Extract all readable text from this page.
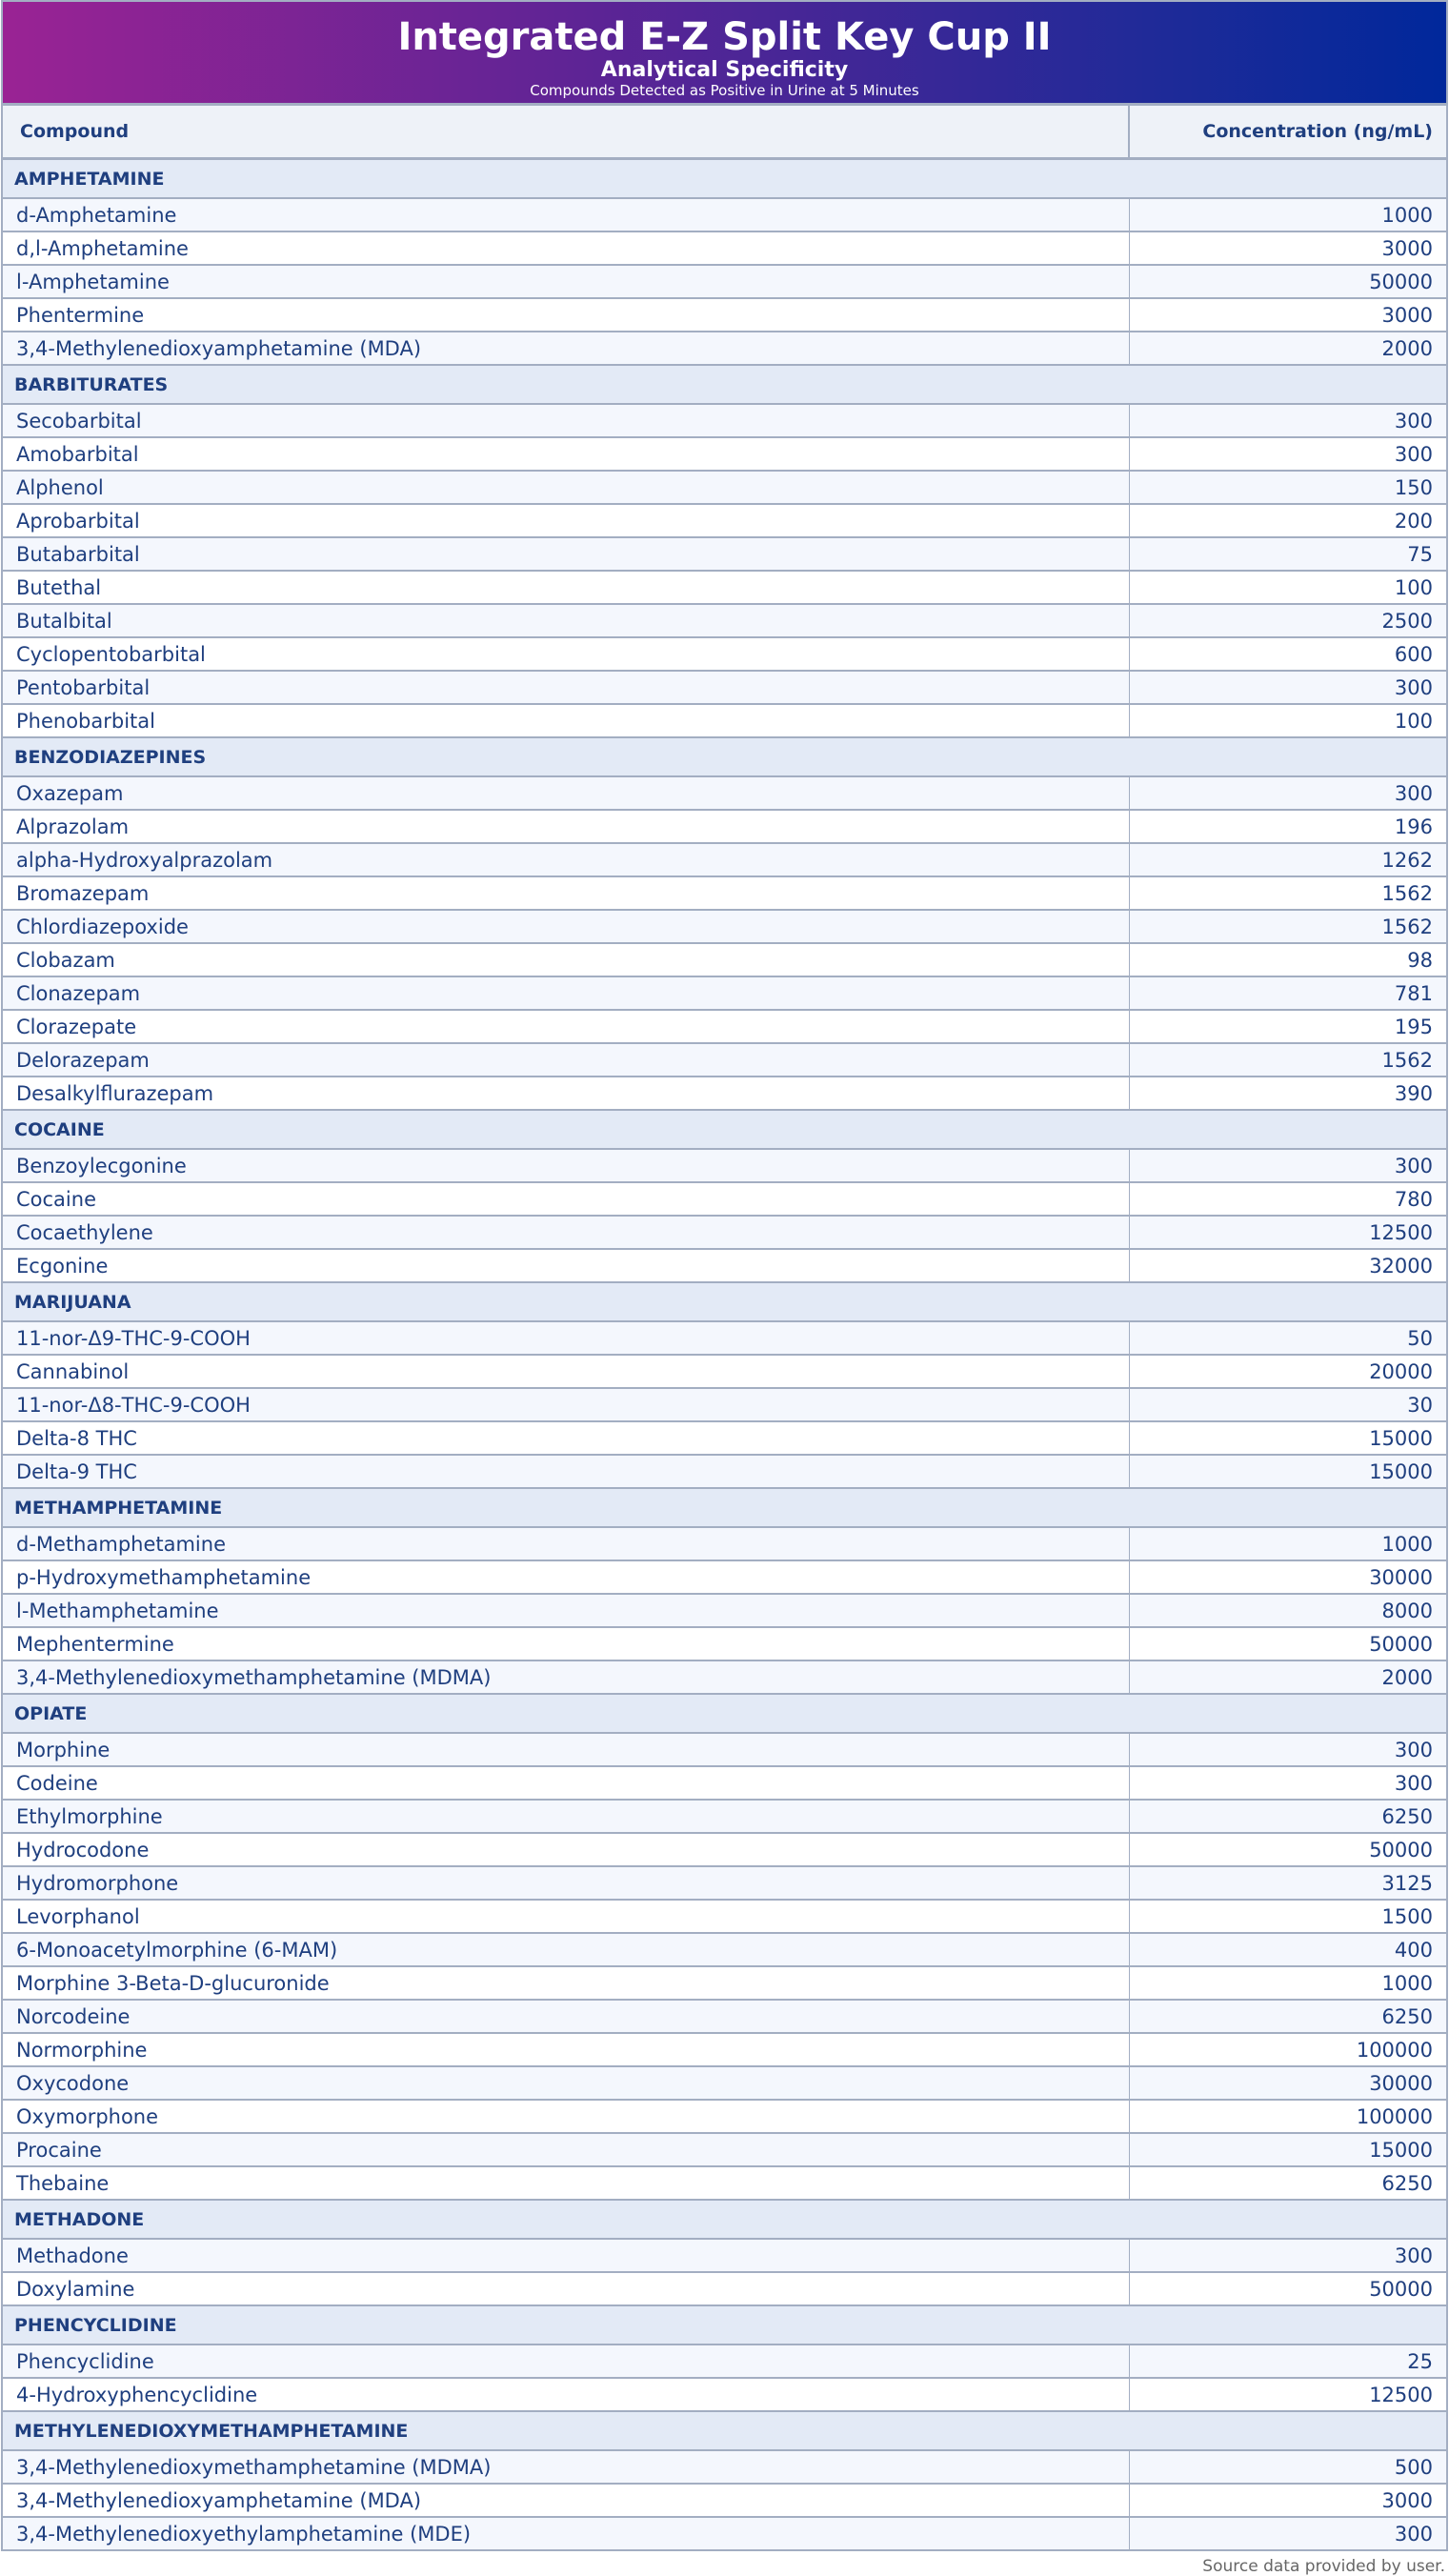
Integrated E-Z Split Key Cup II
Analytical Specificity
Compounds Detected as Positive in Urine at 5 Minutes
Compound	Concentration (ng/mL)
AMPHETAMINE	
d-Amphetamine	1000
d,l-Amphetamine	3000
l-Amphetamine	50000
Phentermine	3000
3,4-Methylenedioxyamphetamine (MDA)	2000
BARBITURATES	
Secobarbital	300
Amobarbital	300
Alphenol	150
Aprobarbital	200
Butabarbital	75
Butethal	100
Butalbital	2500
Cyclopentobarbital	600
Pentobarbital	300
Phenobarbital	100
BENZODIAZEPINES	
Oxazepam	300
Alprazolam	196
alpha-Hydroxyalprazolam	1262
Bromazepam	1562
Chlordiazepoxide	1562
Clobazam	98
Clonazepam	781
Clorazepate	195
Delorazepam	1562
Desalkylflurazepam	390
COCAINE	
Benzoylecgonine	300
Cocaine	780
Cocaethylene	12500
Ecgonine	32000
MARIJUANA	
11-nor-Δ9-THC-9-COOH	50
Cannabinol	20000
11-nor-Δ8-THC-9-COOH	30
Delta-8 THC	15000
Delta-9 THC	15000
METHAMPHETAMINE	
d-Methamphetamine	1000
p-Hydroxymethamphetamine	30000
l-Methamphetamine	8000
Mephentermine	50000
3,4-Methylenedioxymethamphetamine (MDMA)	2000
OPIATE	
Morphine	300
Codeine	300
Ethylmorphine	6250
Hydrocodone	50000
Hydromorphone	3125
Levorphanol	1500
6-Monoacetylmorphine (6-MAM)	400
Morphine 3-Beta-D-glucuronide	1000
Norcodeine	6250
Normorphine	100000
Oxycodone	30000
Oxymorphone	100000
Procaine	15000
Thebaine	6250
METHADONE	
Methadone	300
Doxylamine	50000
PHENCYCLIDINE	
Phencyclidine	25
4-Hydroxyphencyclidine	12500
METHYLENEDIOXYMETHAMPHETAMINE	
3,4-Methylenedioxymethamphetamine (MDMA)	500
3,4-Methylenedioxyamphetamine (MDA)	3000
3,4-Methylenedioxyethylamphetamine (MDE)	300
Source data provided by user.
